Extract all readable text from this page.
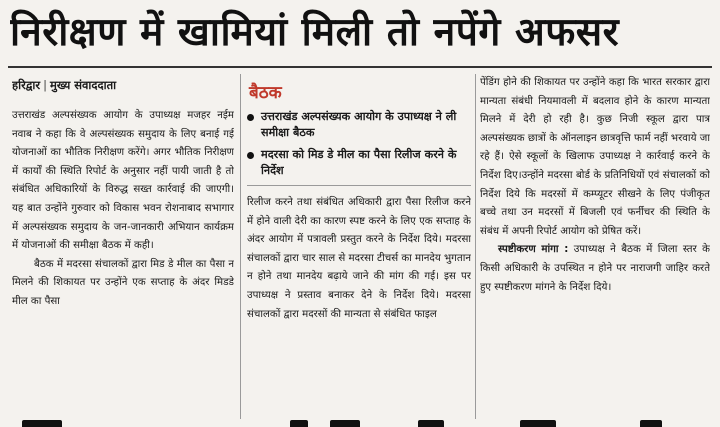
निरीक्षण में खामियां मिली तो नपेंगे अफसर
हरिद्वार | मुख्य संवाददाता

उत्तराखंड अल्पसंख्यक आयोग के उपाध्यक्ष मजहर नईम नवाब ने कहा कि वे अल्पसंख्यक समुदाय के लिए बनाई गई योजनाओं का भौतिक निरीक्षण करेंगे। अगर भौतिक निरीक्षण में कार्यों की स्थिति रिपोर्ट के अनुसार नहीं पायी जाती है तो संबंधित अधिकारियों के विरुद्ध सख्त कार्रवाई की जाएगी। यह बात उन्होंने गुरुवार को विकास भवन रोशनाबाद सभागार में अल्पसंख्यक समुदाय के जन-जानकारी अभियान कार्यक्रम में योजनाओं की समीक्षा बैठक में कही।

बैठक में मदरसा संचालकों द्वारा मिड डे मील का पैसा न मिलने की शिकायत पर उन्होंने एक सप्ताह के अंदर मिडडे मील का पैसा

बैठक
उत्तराखंड अल्पसंख्यक आयोग के उपाध्यक्ष ने ली समीक्षा बैठक
मदरसा को मिड डे मील का पैसा रिलीज करने के निर्देश

रिलीज करने तथा संबंधित अधिकारी द्वारा पैसा रिलीज करने में होने वाली देरी का कारण स्पष्ट करने के लिए एक सप्ताह के अंदर आयोग में पत्रावली प्रस्तुत करने के निर्देश दिये। मदरसा संचालकों द्वारा चार साल से मदरसा टीचर्स का मानदेय भुगतान न होने तथा मानदेय बढ़ाये जाने की मांग की गई। इस पर उपाध्यक्ष ने प्रस्ताव बनाकर देने के निर्देश दिये। मदरसा संचालकों द्वारा मदरसों की मान्यता से संबंधित फाइल

पेंडिंग होने की शिकायत पर उन्होंने कहा कि भारत सरकार द्वारा मान्यता संबंधी नियमावली में बदलाव होने के कारण मान्यता मिलने में देरी हो रही है। कुछ निजी स्कूल द्वारा पात्र अल्पसंख्यक छात्रों के ऑनलाइन छात्रवृत्ति फार्म नहीं भरवाये जा रहे हैं। ऐसे स्कूलों के खिलाफ उपाध्यक्ष ने कार्रवाई करने के निर्देश दिए।उन्होंने मदरसा बोर्ड के प्रतिनिधियों एवं संचालकों को निर्देश दिये कि मदरसों में कम्प्यूटर सीखने के लिए पंजीकृत बच्चे तथा उन मदरसों में बिजली एवं फर्नीचर की स्थिति के संबंध में अपनी रिपोर्ट आयोग को प्रेषित करें।

स्पष्टीकरण मांगा : उपाध्यक्ष ने बैठक में जिला स्तर के किसी अधिकारी के उपस्थित न होने पर नाराजगी जाहिर करते हुए स्पष्टीकरण मांगने के निर्देश दिये।
